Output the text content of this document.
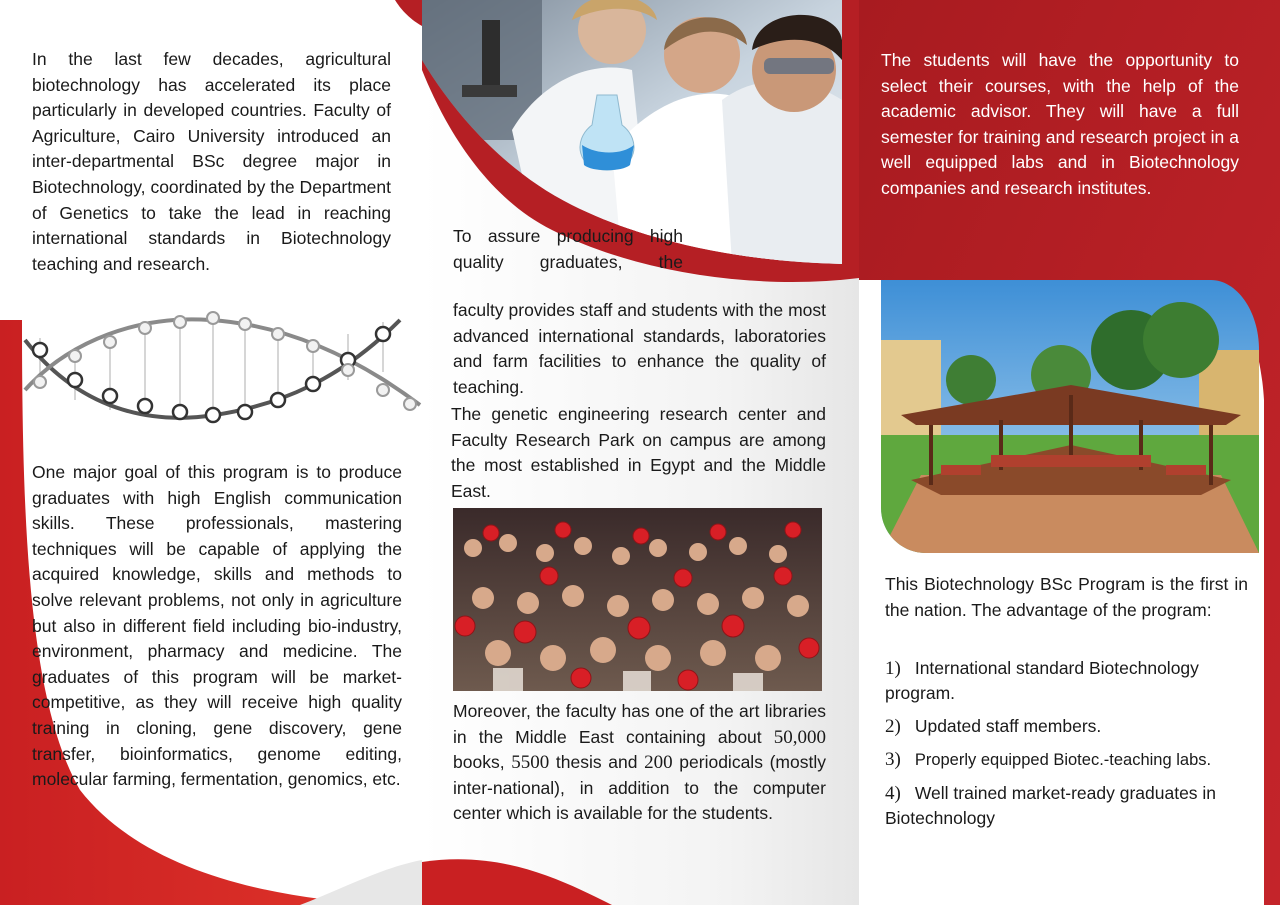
In the last few decades, agricultural biotechnology has accelerated its place particularly in developed countries. Faculty of Agriculture, Cairo University introduced an inter-departmental BSc degree major in Biotechnology, coordinated by the Department of Genetics to take the lead in reaching international standards in Biotechnology teaching and research.

One major goal of this program is to produce graduates with high English communication skills. These professionals, mastering techniques will be capable of applying the acquired knowledge, skills and methods to solve relevant problems, not only in agriculture but also in different field including bio-industry, environment, pharmacy and medicine. The graduates of this program will be market-competitive, as they will receive high quality training in cloning, gene discovery, gene transfer, bioinformatics, genome editing, molecular farming, fermentation, genomics, etc.

To assure producing high quality graduates, the

faculty provides staff and students with the most advanced international standards, laboratories and farm facilities to enhance the quality of teaching.

The genetic engineering research center and Faculty Research Park on campus are among the most established in Egypt and the Middle East.

Moreover, the faculty has one of the art libraries in the Middle East containing about 50,000 books, 5500 thesis and 200 periodicals (mostly inter-national), in addition to the computer center which is available for the students.

The students will have the opportunity to select their courses, with the help of the academic advisor. They will have a full semester for training and research project in a well equipped labs and in Biotechnology companies and research institutes.

This Biotechnology BSc Program is the first in the nation. The advantage of the program:

1) International standard Biotechnology program.
2) Updated staff members.
3) Properly equipped Biotec.-teaching labs.
4) Well trained market-ready graduates in Biotechnology
